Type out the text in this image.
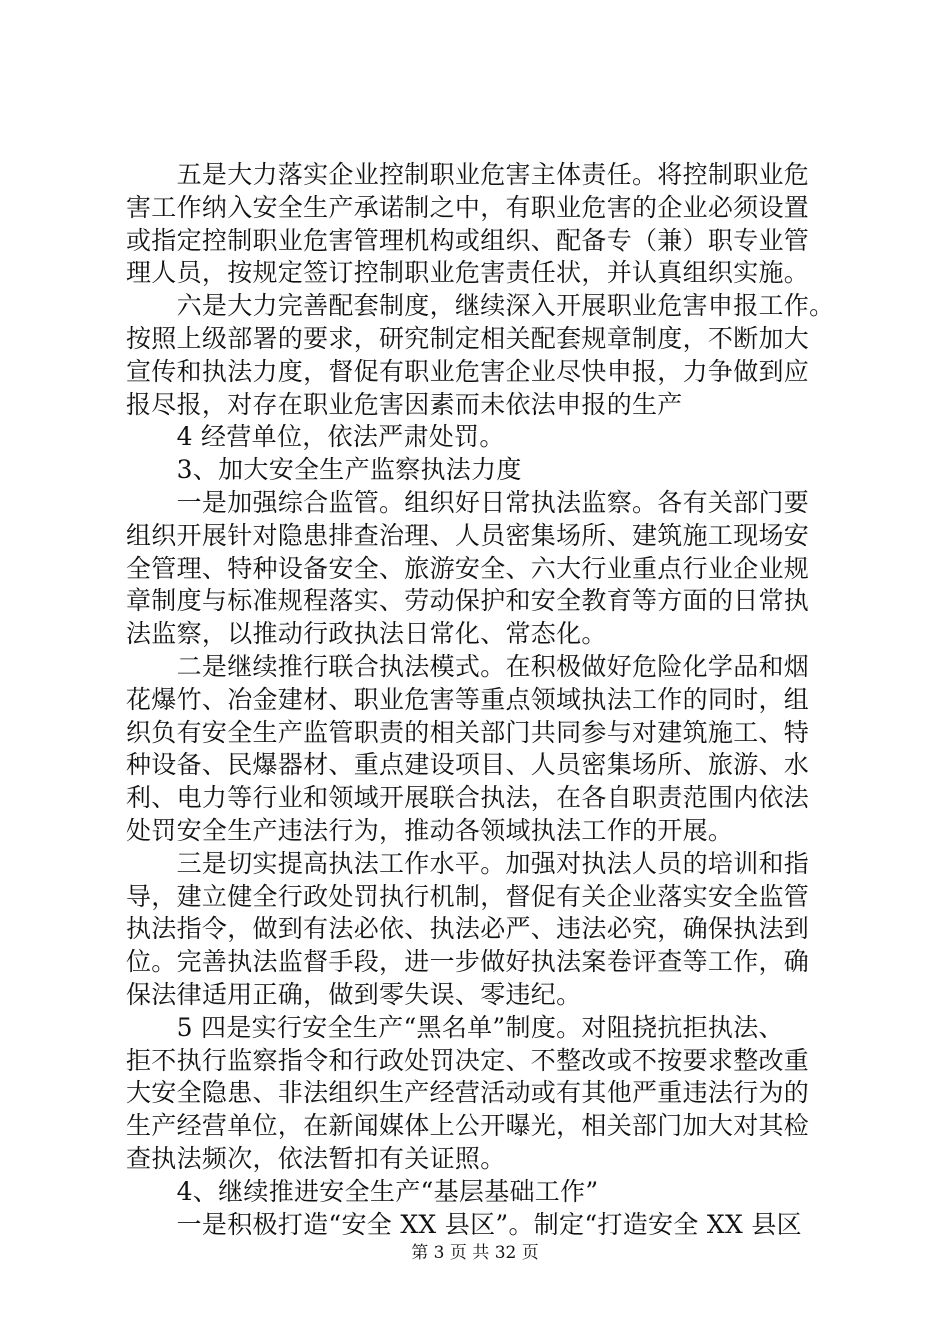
　　五是大力落实企业控制职业危害主体责任。将控制职业危
害工作纳入安全生产承诺制之中，有职业危害的企业必须设置
或指定控制职业危害管理机构或组织、配备专（兼）职专业管
理人员，按规定签订控制职业危害责任状，并认真组织实施。
　　六是大力完善配套制度，继续深入开展职业危害申报工作。
按照上级部署的要求，研究制定相关配套规章制度，不断加大
宣传和执法力度，督促有职业危害企业尽快申报，力争做到应
报尽报，对存在职业危害因素而未依法申报的生产
　　4 经营单位，依法严肃处罚。
　　3、加大安全生产监察执法力度
　　一是加强综合监管。组织好日常执法监察。各有关部门要
组织开展针对隐患排查治理、人员密集场所、建筑施工现场安
全管理、特种设备安全、旅游安全、六大行业重点行业企业规
章制度与标准规程落实、劳动保护和安全教育等方面的日常执
法监察，以推动行政执法日常化、常态化。
　　二是继续推行联合执法模式。在积极做好危险化学品和烟
花爆竹、冶金建材、职业危害等重点领域执法工作的同时，组
织负有安全生产监管职责的相关部门共同参与对建筑施工、特
种设备、民爆器材、重点建设项目、人员密集场所、旅游、水
利、电力等行业和领域开展联合执法，在各自职责范围内依法
处罚安全生产违法行为，推动各领域执法工作的开展。
　　三是切实提高执法工作水平。加强对执法人员的培训和指
导，建立健全行政处罚执行机制，督促有关企业落实安全监管
执法指令，做到有法必依、执法必严、违法必究，确保执法到
位。完善执法监督手段，进一步做好执法案卷评查等工作，确
保法律适用正确，做到零失误、零违纪。
　　5 四是实行安全生产“黑名单”制度。对阻挠抗拒执法、
拒不执行监察指令和行政处罚决定、不整改或不按要求整改重
大安全隐患、非法组织生产经营活动或有其他严重违法行为的
生产经营单位，在新闻媒体上公开曝光，相关部门加大对其检
查执法频次，依法暂扣有关证照。
　　4、继续推进安全生产“基层基础工作”
　　一是积极打造“安全 XX 县区”。制定“打造安全 XX 县区
第 3 页 共 32 页
